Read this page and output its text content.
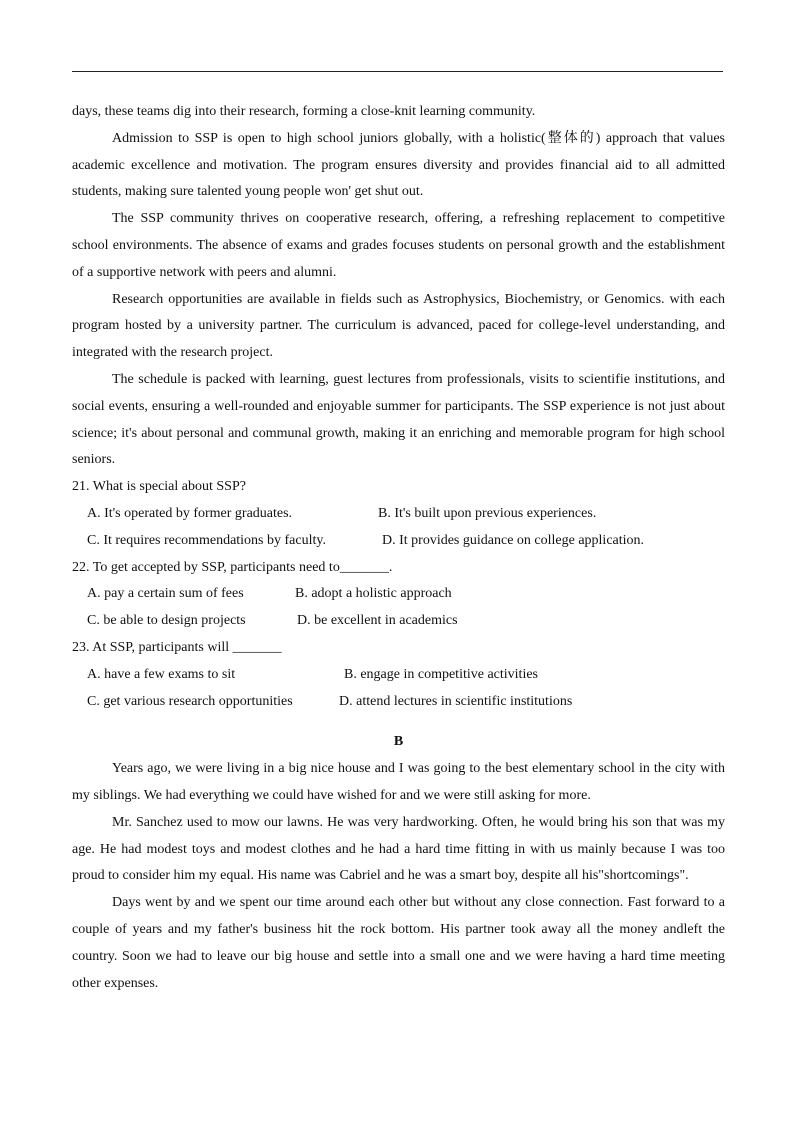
days, these teams dig into their research, forming a close-knit learning community.

Admission to SSP is open to high school juniors globally, with a holistic(整体的) approach that values academic excellence and motivation. The program ensures diversity and provides financial aid to all admitted students, making sure talented young people won' get shut out.

The SSP community thrives on cooperative research, offering, a refreshing replacement to competitive school environments. The absence of exams and grades focuses students on personal growth and the establishment of a supportive network with peers and alumni.

Research opportunities are available in fields such as Astrophysics, Biochemistry, or Genomics. with each program hosted by a university partner. The curriculum is advanced, paced for college-level understanding, and integrated with the research project.

The schedule is packed with learning, guest lectures from professionals, visits to scientifie institutions, and social events, ensuring a well-rounded and enjoyable summer for participants. The SSP experience is not just about science; it's about personal and communal growth, making it an enriching and memorable program for high school seniors.

21. What is special about SSP?

A. It's operated by former graduates.	B. It's built upon previous experiences.
C. It requires recommendations by faculty.	D. It provides guidance on college application.

22. To get accepted by SSP, participants need to_______.

A. pay a certain sum of fees	B. adopt a holistic approach
C. be able to design projects	D. be excellent in academics

23. At SSP, participants will _______

A. have a few exams to sit	B. engage in competitive activities
C. get various research opportunities	D. attend lectures in scientific institutions

B

Years ago, we were living in a big nice house and I was going to the best elementary school in the city with my siblings. We had everything we could have wished for and we were still asking for more.

Mr. Sanchez used to mow our lawns. He was very hardworking. Often, he would bring his son that was my age. He had modest toys and modest clothes and he had a hard time fitting in with us mainly because I was too proud to consider him my equal. His name was Cabriel and he was a smart boy, despite all his"shortcomings".

Days went by and we spent our time around each other but without any close connection. Fast forward to a couple of years and my father's business hit the rock bottom. His partner took away all the money andleft the country. Soon we had to leave our big house and settle into a small one and we were having a hard time meeting other expenses.
